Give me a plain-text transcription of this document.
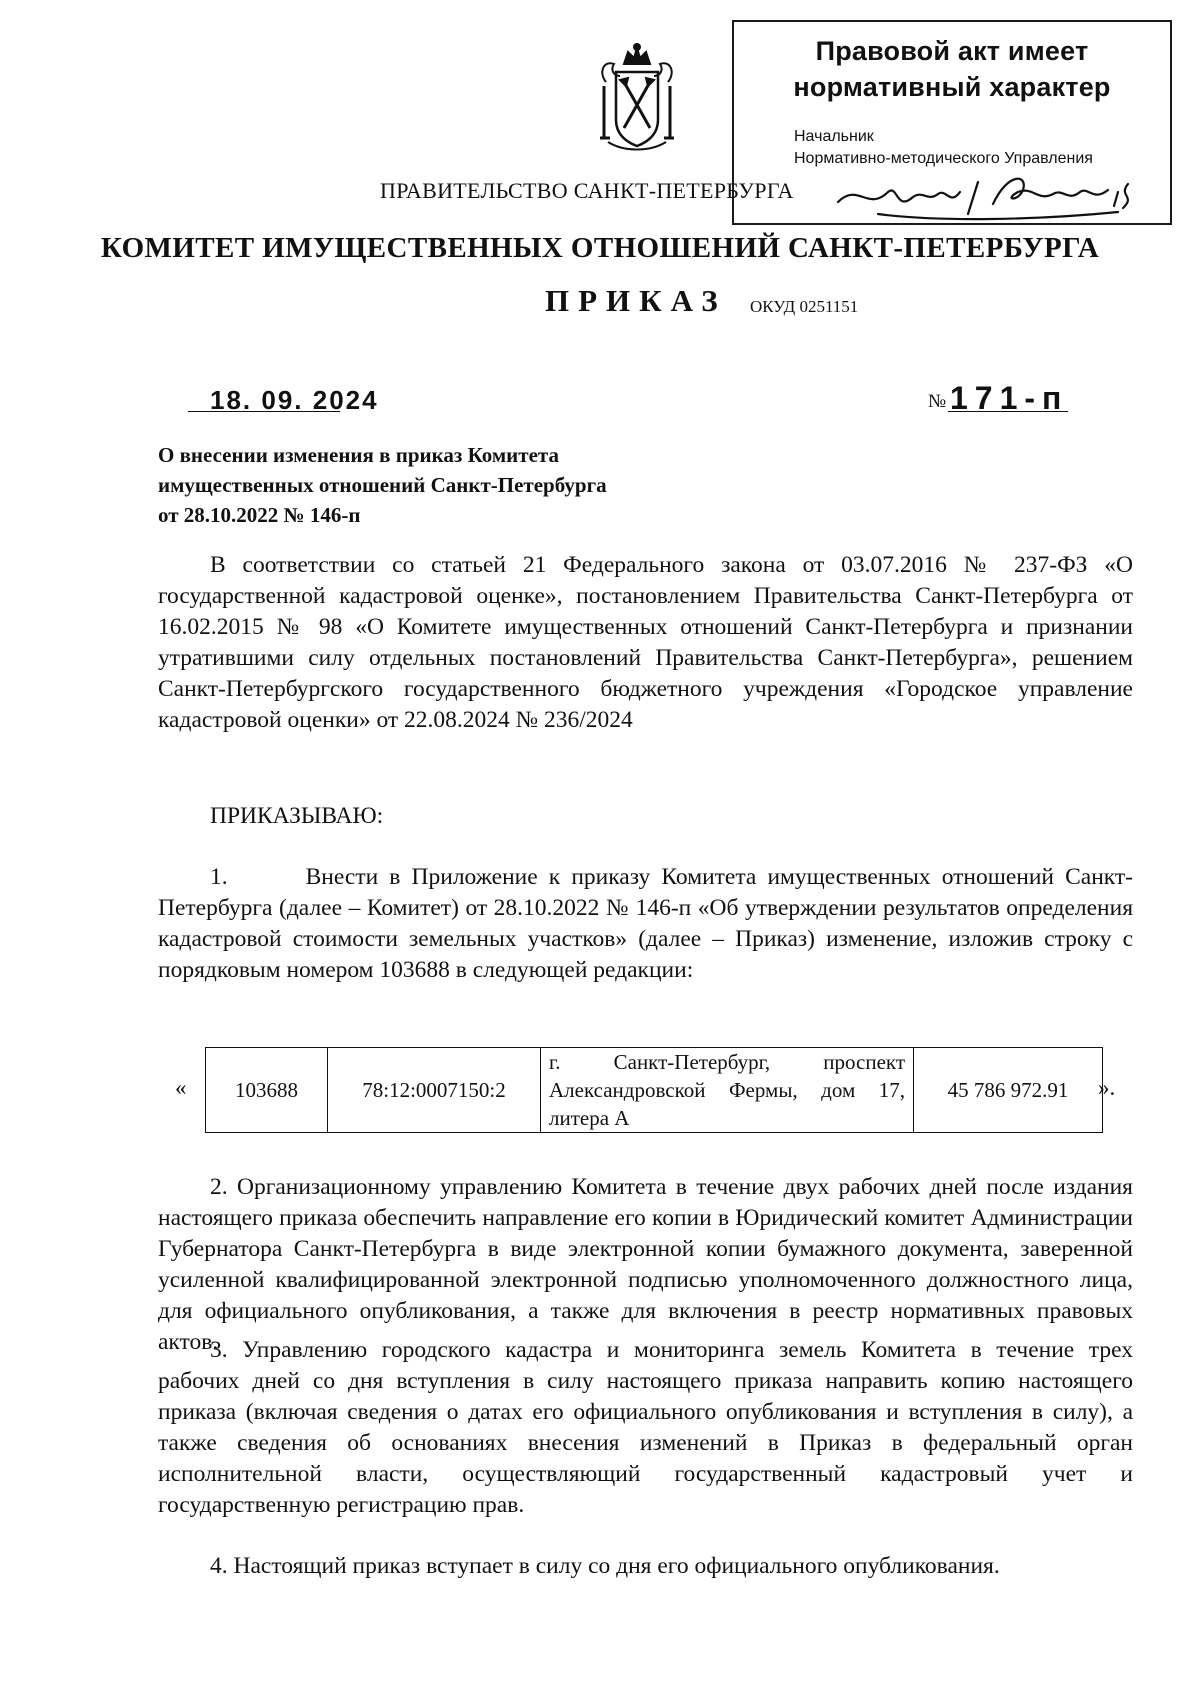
Правовой акт имеет
нормативный характер
Начальник
Нормативно-методического Управления
ПРАВИТЕЛЬСТВО САНКТ-ПЕТЕРБУРГА
КОМИТЕТ ИМУЩЕСТВЕННЫХ ОТНОШЕНИЙ САНКТ-ПЕТЕРБУРГА
ПРИКАЗ ОКУД 0251151
18. 09. 2024	№ 171-п
О внесении изменения в приказ Комитета
имущественных отношений Санкт-Петербурга
от 28.10.2022 № 146-п
В соответствии со статьей 21 Федерального закона от 03.07.2016 № 237-ФЗ «О государственной кадастровой оценке», постановлением Правительства Санкт-Петербурга от 16.02.2015 № 98 «О Комитете имущественных отношений Санкт-Петербурга и признании утратившими силу отдельных постановлений Правительства Санкт-Петербурга», решением Санкт-Петербургского государственного бюджетного учреждения «Городское управление кадастровой оценки» от 22.08.2024 № 236/2024
ПРИКАЗЫВАЮ:
1.	Внести в Приложение к приказу Комитета имущественных отношений Санкт-Петербурга (далее – Комитет) от 28.10.2022 № 146-п «Об утверждении результатов определения кадастровой стоимости земельных участков» (далее – Приказ) изменение, изложив строку с порядковым номером 103688 в следующей редакции:
« 103688	78:12:0007150:2	г. Санкт-Петербург, проспект Александровской Фермы, дом 17, литера А	45 786 972.91 ».
2. Организационному управлению Комитета в течение двух рабочих дней после издания настоящего приказа обеспечить направление его копии в Юридический комитет Администрации Губернатора Санкт-Петербурга в виде электронной копии бумажного документа, заверенной усиленной квалифицированной электронной подписью уполномоченного должностного лица, для официального опубликования, а также для включения в реестр нормативных правовых актов.
3. Управлению городского кадастра и мониторинга земель Комитета в течение трех рабочих дней со дня вступления в силу настоящего приказа направить копию настоящего приказа (включая сведения о датах его официального опубликования и вступления в силу), а также сведения об основаниях внесения изменений в Приказ в федеральный орган исполнительной власти, осуществляющий государственный кадастровый учет и государственную регистрацию прав.
4. Настоящий приказ вступает в силу со дня его официального опубликования.
